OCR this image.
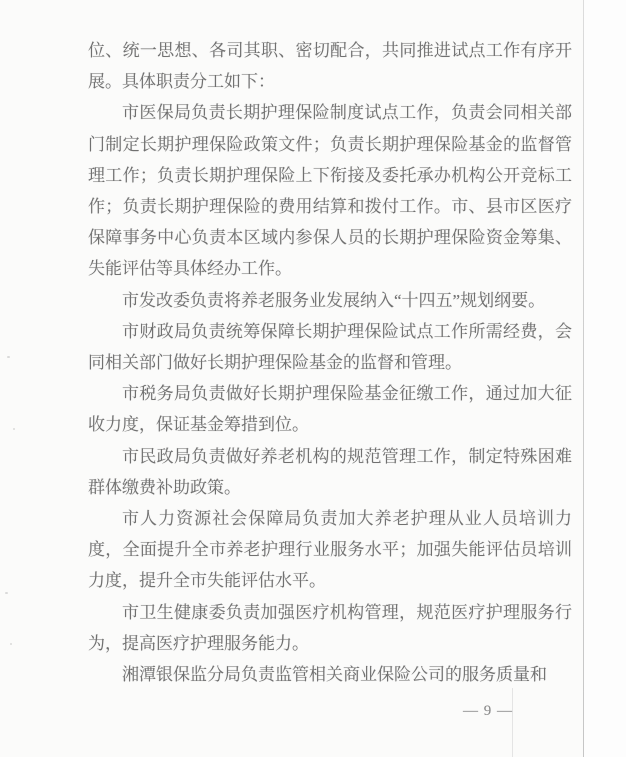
位、统一思想、各司其职、密切配合，共同推进试点工作有序开展。具体职责分工如下：

市医保局负责长期护理保险制度试点工作，负责会同相关部门制定长期护理保险政策文件；负责长期护理保险基金的监督管理工作；负责长期护理保险上下衔接及委托承办机构公开竞标工作；负责长期护理保险的费用结算和拨付工作。市、县市区医疗保障事务中心负责本区域内参保人员的长期护理保险资金筹集、失能评估等具体经办工作。

市发改委负责将养老服务业发展纳入“十四五”规划纲要。

市财政局负责统筹保障长期护理保险试点工作所需经费，会同相关部门做好长期护理保险基金的监督和管理。

市税务局负责做好长期护理保险基金征缴工作，通过加大征收力度，保证基金筹措到位。

市民政局负责做好养老机构的规范管理工作，制定特殊困难群体缴费补助政策。

市人力资源社会保障局负责加大养老护理从业人员培训力度，全面提升全市养老护理行业服务水平；加强失能评估员培训力度，提升全市失能评估水平。

市卫生健康委负责加强医疗机构管理，规范医疗护理服务行为，提高医疗护理服务能力。

湘潭银保监分局负责监管相关商业保险公司的服务质量和

— 9 —
